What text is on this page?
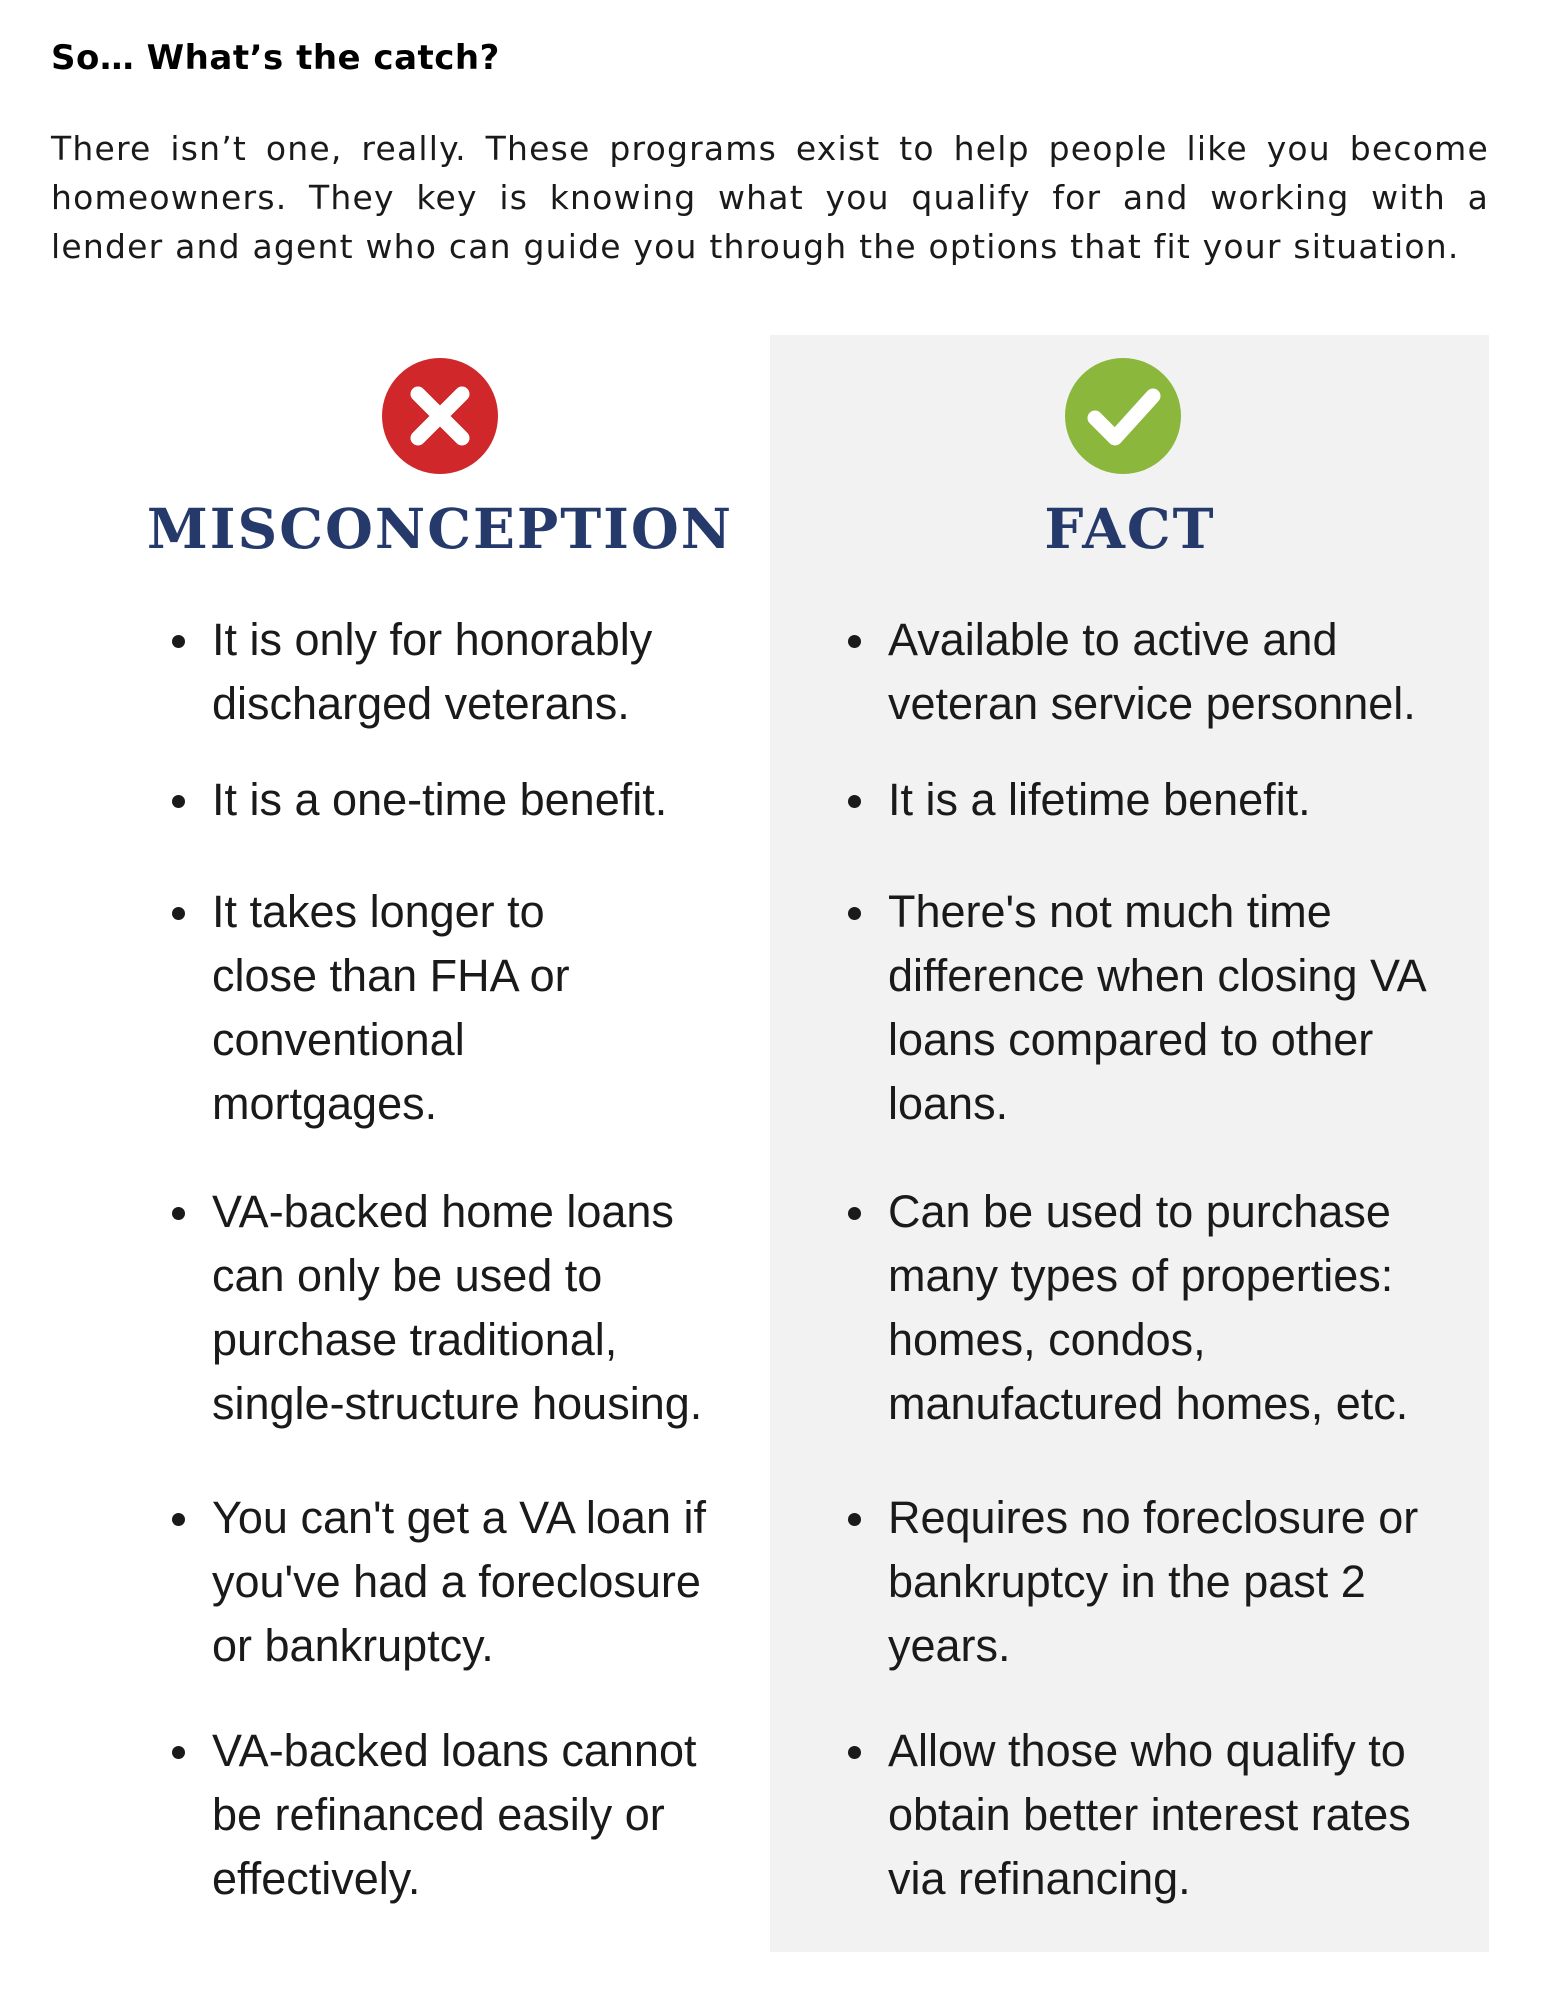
So… What’s the catch?

There isn’t one, really. These programs exist to help people like you become homeowners. They key is knowing what you qualify for and working with a lender and agent who can guide you through the options that fit your situation.

MISCONCEPTION
It is only for honorably discharged veterans.
It is a one-time benefit.
It takes longer to close than FHA or conventional mortgages.
VA-backed home loans can only be used to purchase traditional, single-structure housing.
You can't get a VA loan if you've had a foreclosure or bankruptcy.
VA-backed loans cannot be refinanced easily or effectively.
FACT
Available to active and veteran service personnel.
It is a lifetime benefit.
There's not much time difference when closing VA loans compared to other loans.
Can be used to purchase many types of properties:  homes, condos, manufactured homes, etc.
Requires no foreclosure or bankruptcy in the past 2 years.
Allow those who qualify to obtain better interest rates via refinancing.
